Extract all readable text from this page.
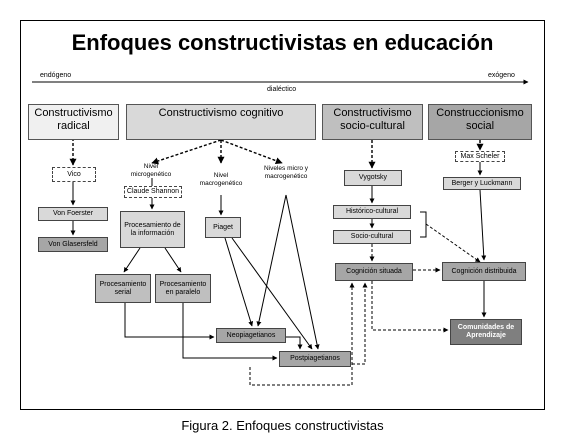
Enfoques constructivistas en educación
endógeno
dialéctico
exógeno
Constructivismo radical
Constructivismo cognitivo	Constructivismo socio-cultural
Construccionismo social
Vico
Von Foerster
Von Glasersfeld
Nivel microgenético	Nivel macrogenético
Niveles micro y macrogenético
Claude Shannon
Procesamiento de la información
Procesamiento serial
Procesamiento en paralelo
Piaget
Neopiagetianos
Postpiagetianos
Vygotsky
Histórico-cultural
Socio-cultural
Cognición situada
Max Scheler
Berger y Luckmann
Cognición distribuida
Comunidades de Aprendizaje
Figura 2. Enfoques constructivistas
